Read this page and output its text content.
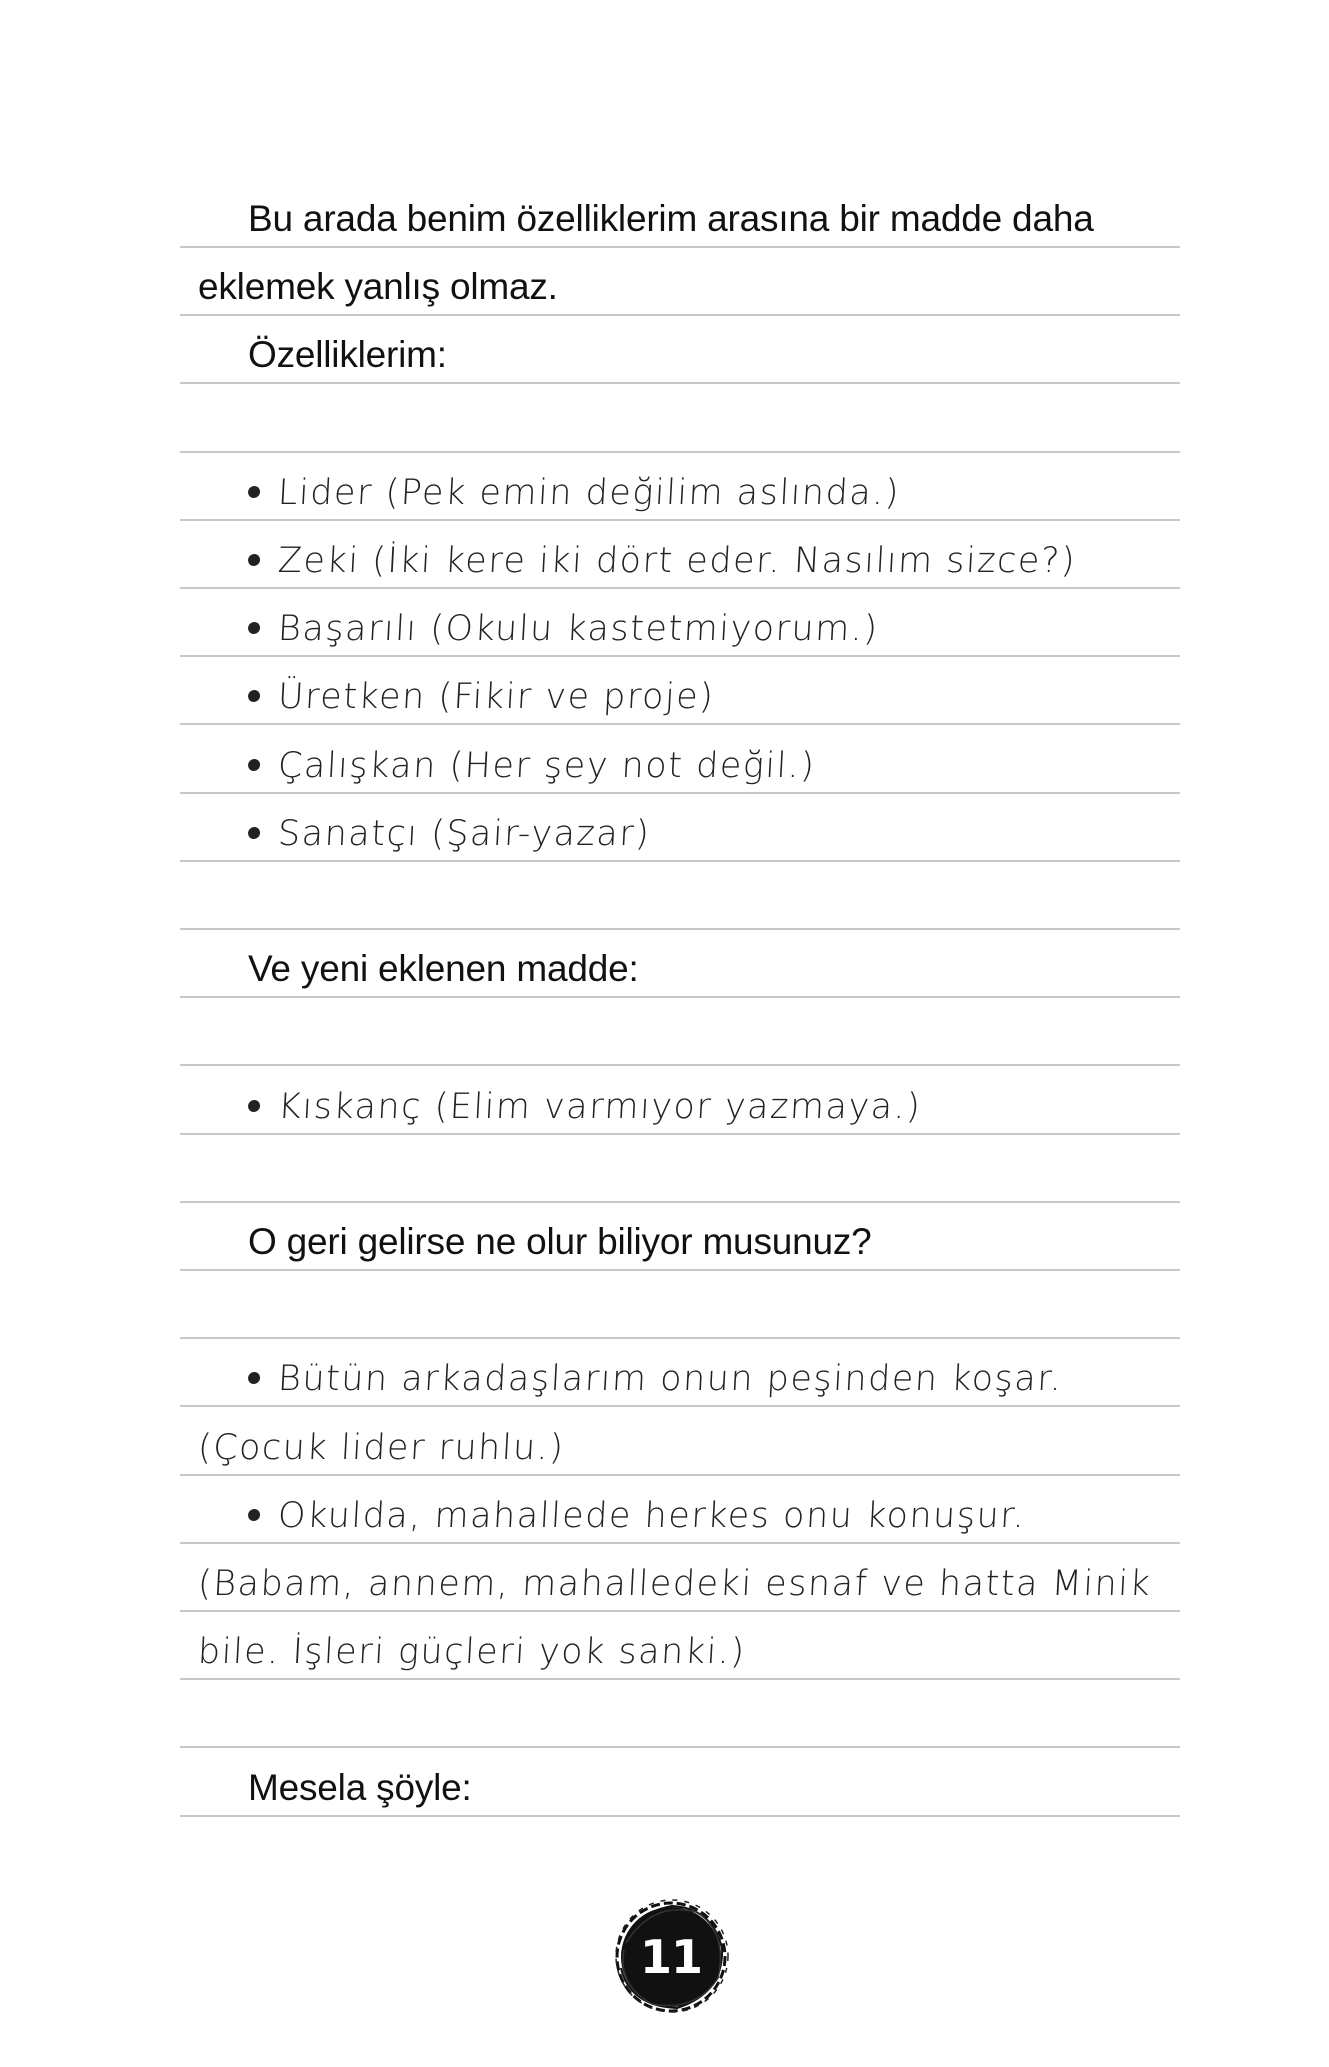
Bu arada benim özelliklerim arasına bir madde daha
eklemek yanlış olmaz.
Özelliklerim:
Lider (Pek emin değilim aslında.)
Zeki (İki kere iki dört eder. Nasılım sizce?)
Başarılı (Okulu kastetmiyorum.)
Üretken (Fikir ve proje)
Çalışkan (Her şey not değil.)
Sanatçı (Şair-yazar)
Ve yeni eklenen madde:
Kıskanç (Elim varmıyor yazmaya.)
O geri gelirse ne olur biliyor musunuz?
Bütün arkadaşlarım onun peşinden koşar.
(Çocuk lider ruhlu.)
Okulda, mahallede herkes onu konuşur.
(Babam, annem, mahalledeki esnaf ve hatta Minik
bile. İşleri güçleri yok sanki.)
Mesela şöyle:
11
